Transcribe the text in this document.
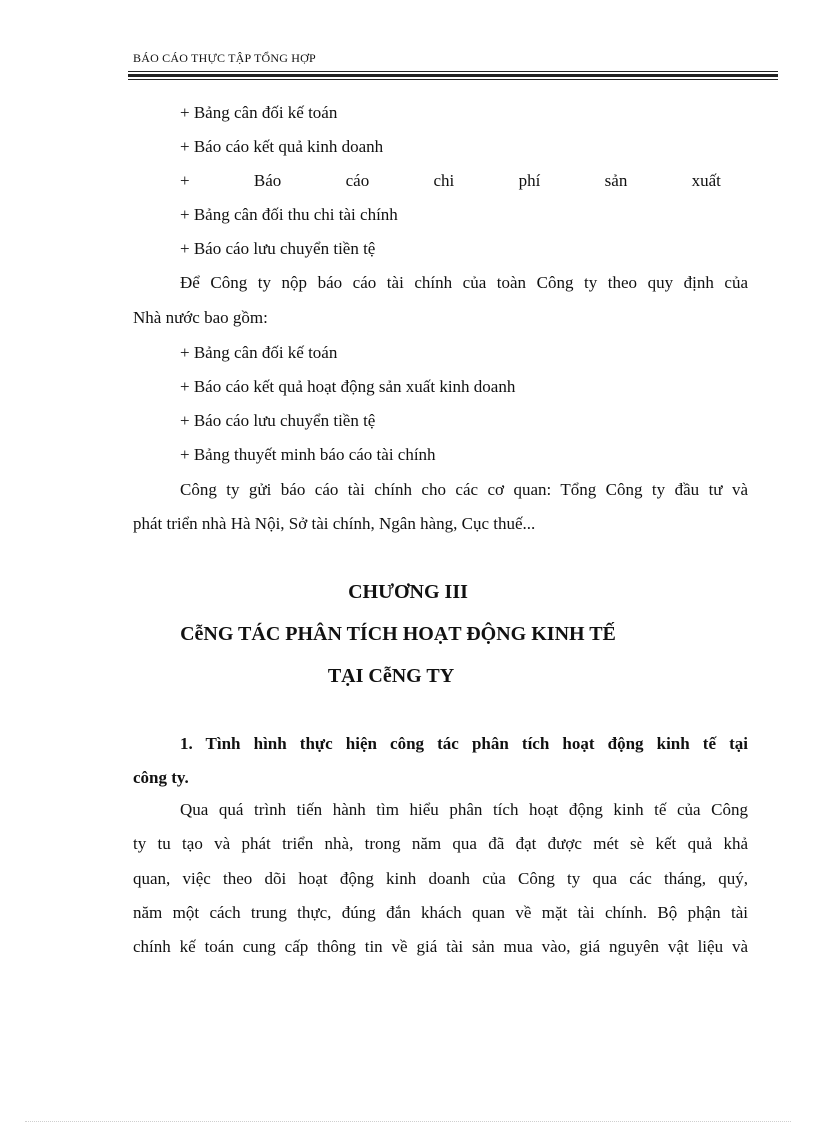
BÁO CÁO THỰC TẬP TỔNG HỢP
+ Bảng cân đối kế toán
+ Báo cáo kết quả kinh doanh
+	Báo	cáo	chi	phí	sản	xuất
+ Bảng cân đối thu chi tài chính
+ Báo cáo lưu chuyển tiền tệ
Để Công ty nộp báo cáo tài chính của toàn Công ty theo quy định của
Nhà nước bao gồm:
+ Bảng cân đối kế toán
+ Báo cáo kết quả hoạt động sản xuất kinh doanh
+ Báo cáo lưu chuyển tiền tệ
+ Bảng thuyết minh báo cáo tài chính
Công ty gửi báo cáo tài chính cho các cơ quan: Tổng Công ty đầu tư và
phát triển nhà Hà Nội, Sở tài chính, Ngân hàng, Cục thuế...
CHƯƠNG III
CễNG TÁC PHÂN TÍCH HOẠT ĐỘNG KINH TẾ
TẠI CễNG TY
1. Tình hình thực hiện công tác phân tích hoạt động kinh tế tại
công ty.
Qua quá trình tiến hành tìm hiểu phân tích hoạt động kinh tế của Công
ty tu tạo và phát triển nhà, trong năm qua đã đạt được mét sè kết quả khả
quan, việc theo dõi hoạt động kinh doanh của Công ty qua các tháng, quý,
năm một cách trung thực, đúng đắn khách quan về mặt tài chính. Bộ phận tài
chính kế toán cung cấp thông tin về giá tài sản mua vào, giá nguyên vật liệu và
